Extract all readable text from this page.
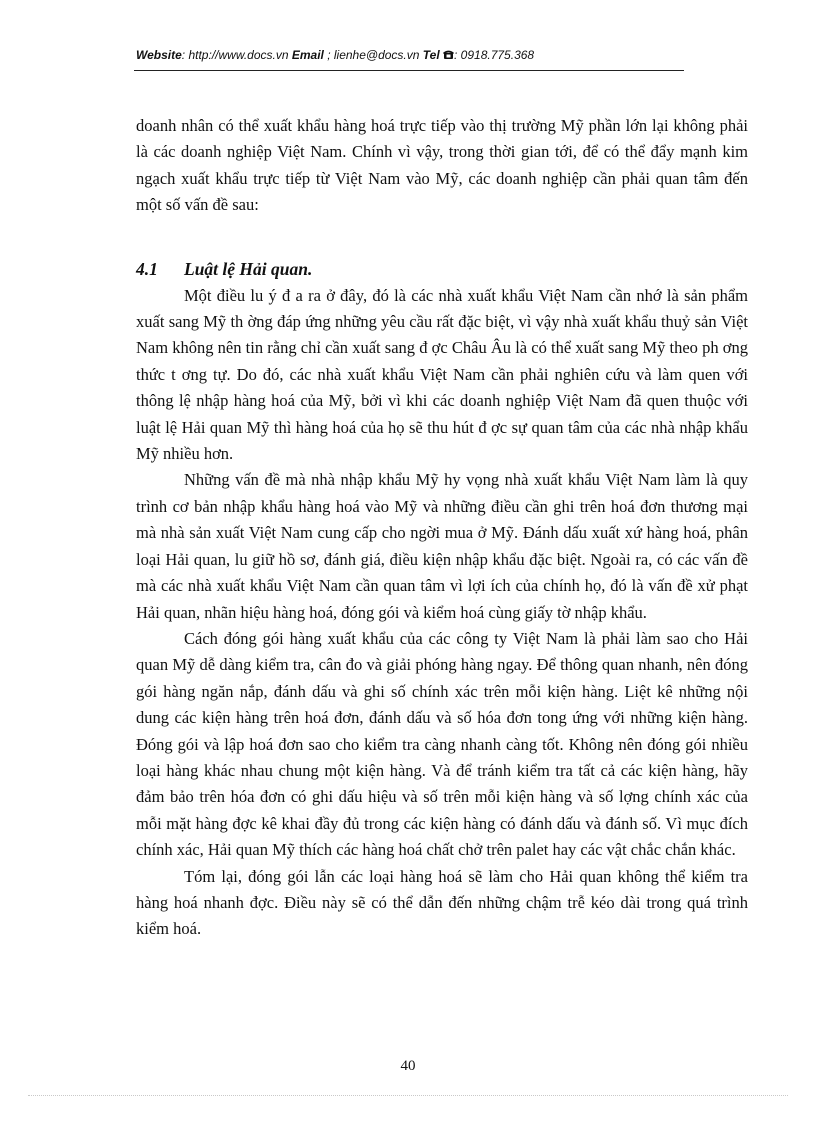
Website: http://www.docs.vn Email ; lienhe@docs.vn Tel : 0918.775.368

doanh nhân có thể xuất khẩu hàng hoá trực tiếp vào thị trường Mỹ phần lớn lại không phải là các doanh nghiệp Việt Nam. Chính vì vậy, trong thời gian tới, để có thể đẩy mạnh kim ngạch xuất khẩu trực tiếp từ Việt Nam vào Mỹ, các doanh nghiệp cần phải quan tâm đến một số vấn đề sau:

4.1 Luật lệ Hải quan.

Một điều lu ý đ a ra ở đây, đó là các nhà xuất khẩu Việt Nam cần nhớ là sản phẩm xuất sang Mỹ th ờng đáp ứng những yêu cầu rất đặc biệt, vì vậy nhà xuất khẩu thuỷ sản Việt Nam không nên tin rằng chỉ cần xuất sang đ ợc Châu Âu là có thể xuất sang Mỹ theo ph ơng thức t ơng tự. Do đó, các nhà xuất khẩu Việt Nam cần phải nghiên cứu và làm quen với thông lệ nhập hàng hoá của Mỹ, bởi vì khi các doanh nghiệp Việt Nam đã quen thuộc với luật lệ Hải quan Mỹ thì hàng hoá của họ sẽ thu hút đ ợc sự quan tâm của các nhà nhập khẩu Mỹ nhiều hơn.

Những vấn đề mà nhà nhập khẩu Mỹ hy vọng nhà xuất khẩu Việt Nam làm là quy trình cơ bản nhập khẩu hàng hoá vào Mỹ và những điều cần ghi trên hoá đơn thương mại mà nhà sản xuất Việt Nam cung cấp cho ngời mua ở Mỹ. Đánh dấu xuất xứ hàng hoá, phân loại Hải quan, lu giữ hồ sơ, đánh giá, điều kiện nhập khẩu đặc biệt. Ngoài ra, có các vấn đề mà các nhà xuất khẩu Việt Nam cần quan tâm vì lợi ích của chính họ, đó là vấn đề xử phạt Hải quan, nhãn hiệu hàng hoá, đóng gói và kiểm hoá cùng giấy tờ nhập khẩu.

Cách đóng gói hàng xuất khẩu của các công ty Việt Nam là phải làm sao cho Hải quan Mỹ dễ dàng kiểm tra, cân đo và giải phóng hàng ngay. Để thông quan nhanh, nên đóng gói hàng ngăn nắp, đánh dấu và ghi số chính xác trên mỗi kiện hàng. Liệt kê những nội dung các kiện hàng trên hoá đơn, đánh dấu và số hóa đơn tong ứng với những kiện hàng. Đóng gói và lập hoá đơn sao cho kiểm tra càng nhanh càng tốt. Không nên đóng gói nhiều loại hàng khác nhau chung một kiện hàng. Và để tránh kiểm tra tất cả các kiện hàng, hãy đảm bảo trên hóa đơn có ghi dấu hiệu và số trên mỗi kiện hàng và số lợng chính xác của mỗi mặt hàng đợc kê khai đầy đủ trong các kiện hàng có đánh dấu và đánh số. Vì mục đích chính xác, Hải quan Mỹ thích các hàng hoá chất chở trên palet hay các vật chắc chắn khác.

Tóm lại, đóng gói lẫn các loại hàng hoá sẽ làm cho Hải quan không thể kiểm tra hàng hoá nhanh đợc. Điều này sẽ có thể dẫn đến những chậm trễ kéo dài trong quá trình kiểm hoá.

40
